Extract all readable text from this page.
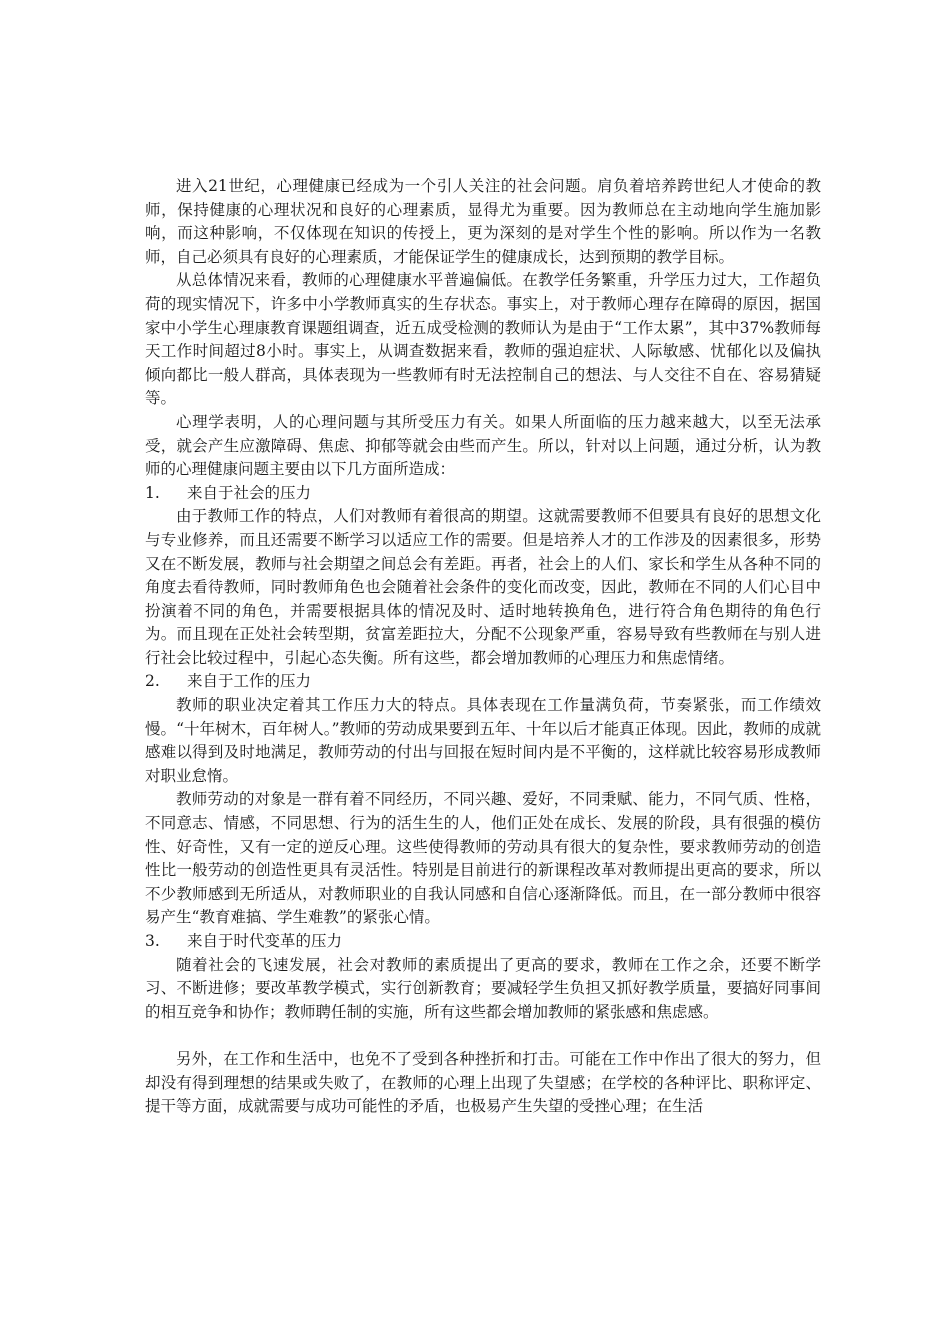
进入21世纪，心理健康已经成为一个引人关注的社会问题。肩负着培养跨世纪人才使命的教师，保持健康的心理状况和良好的心理素质，显得尤为重要。因为教师总在主动地向学生施加影响，而这种影响，不仅体现在知识的传授上，更为深刻的是对学生个性的影响。所以作为一名教师，自己必须具有良好的心理素质，才能保证学生的健康成长，达到预期的教学目标。

从总体情况来看，教师的心理健康水平普遍偏低。在教学任务繁重，升学压力过大，工作超负荷的现实情况下，许多中小学教师真实的生存状态。事实上，对于教师心理存在障碍的原因，据国家中小学生心理康教育课题组调查，近五成受检测的教师认为是由于“工作太累”，其中37%教师每天工作时间超过8小时。事实上，从调查数据来看，教师的强迫症状、人际敏感、忧郁化以及偏执倾向都比一般人群高，具体表现为一些教师有时无法控制自己的想法、与人交往不自在、容易猜疑等。

心理学表明，人的心理问题与其所受压力有关。如果人所面临的压力越来越大，以至无法承受，就会产生应激障碍、焦虑、抑郁等就会由些而产生。所以，针对以上问题，通过分析，认为教师的心理健康问题主要由以下几方面所造成：

1. 来自于社会的压力

由于教师工作的特点，人们对教师有着很高的期望。这就需要教师不但要具有良好的思想文化与专业修养，而且还需要不断学习以适应工作的需要。但是培养人才的工作涉及的因素很多，形势又在不断发展，教师与社会期望之间总会有差距。再者，社会上的人们、家长和学生从各种不同的角度去看待教师，同时教师角色也会随着社会条件的变化而改变，因此，教师在不同的人们心目中扮演着不同的角色，并需要根据具体的情况及时、适时地转换角色，进行符合角色期待的角色行为。而且现在正处社会转型期，贫富差距拉大，分配不公现象严重，容易导致有些教师在与别人进行社会比较过程中，引起心态失衡。所有这些，都会增加教师的心理压力和焦虑情绪。

2. 来自于工作的压力

教师的职业决定着其工作压力大的特点。具体表现在工作量满负荷，节奏紧张，而工作绩效慢。“十年树木，百年树人。”教师的劳动成果要到五年、十年以后才能真正体现。因此，教师的成就感难以得到及时地满足，教师劳动的付出与回报在短时间内是不平衡的，这样就比较容易形成教师对职业怠惰。

教师劳动的对象是一群有着不同经历，不同兴趣、爱好，不同秉赋、能力，不同气质、性格，不同意志、情感，不同思想、行为的活生生的人，他们正处在成长、发展的阶段，具有很强的模仿性、好奇性，又有一定的逆反心理。这些使得教师的劳动具有很大的复杂性，要求教师劳动的创造性比一般劳动的创造性更具有灵活性。特别是目前进行的新课程改革对教师提出更高的要求，所以不少教师感到无所适从，对教师职业的自我认同感和自信心逐渐降低。而且，在一部分教师中很容易产生“教育难搞、学生难教”的紧张心情。

3. 来自于时代变革的压力

随着社会的飞速发展，社会对教师的素质提出了更高的要求，教师在工作之余，还要不断学习、不断进修；要改革教学模式，实行创新教育；要减轻学生负担又抓好教学质量，要搞好同事间的相互竞争和协作；教师聘任制的实施，所有这些都会增加教师的紧张感和焦虑感。

另外，在工作和生活中，也免不了受到各种挫折和打击。可能在工作中作出了很大的努力，但却没有得到理想的结果或失败了，在教师的心理上出现了失望感；在学校的各种评比、职称评定、提干等方面，成就需要与成功可能性的矛盾，也极易产生失望的受挫心理；在生活
